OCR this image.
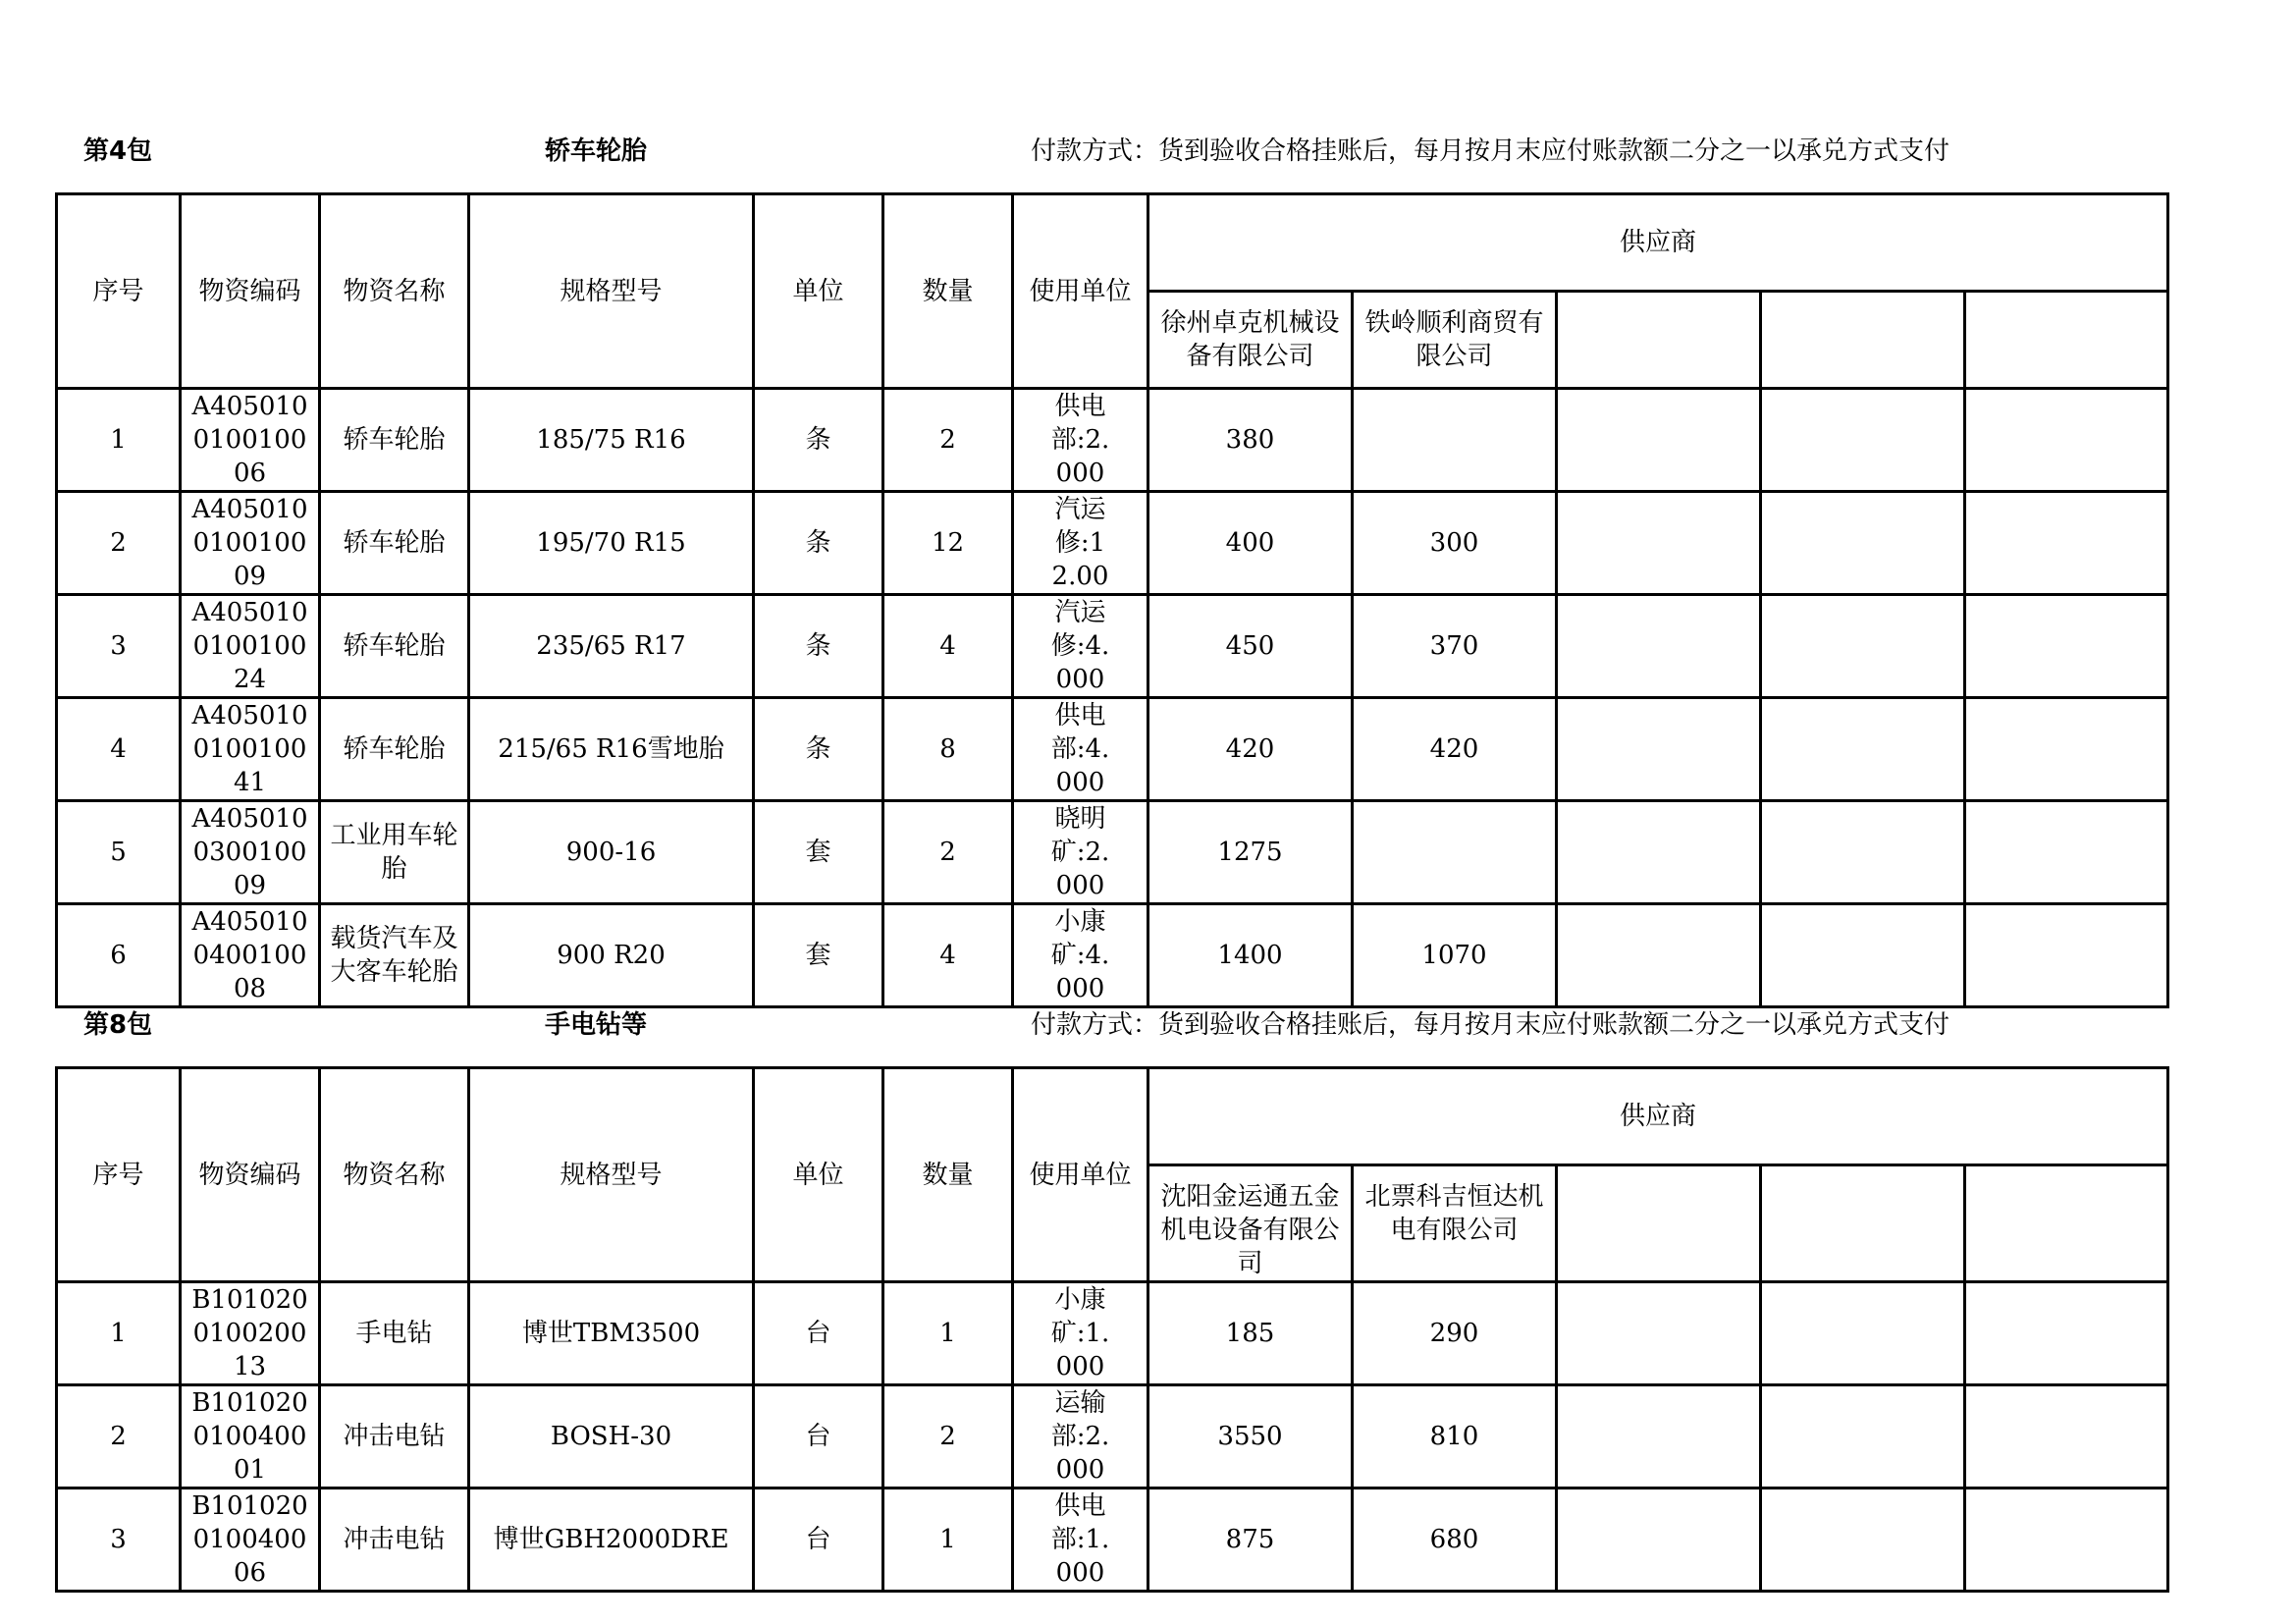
第4包	轿车轮胎	付款方式：货到验收合格挂账后，每月按月末应付账款额二分之一以承兑方式支付
序号	物资编码	物资名称	规格型号	单位	数量	使用单位	供应商				
							徐州卓克机械设备有限公司	铁岭顺利商贸有限公司			
1	A405010010010006	轿车轮胎	185/75 R16	条	2	供电部:2.000	380				
2	A405010010010009	轿车轮胎	195/70 R15	条	12	汽运修:12.00	400	300			
3	A405010010010024	轿车轮胎	235/65 R17	条	4	汽运修:4.000	450	370			
4	A405010010010041	轿车轮胎	215/65 R16雪地胎	条	8	供电部:4.000	420	420			
5	A405010030010009	工业用车轮胎	900-16	套	2	晓明矿:2.000	1275				
6	A405010040010008	载货汽车及大客车轮胎	900 R20	套	4	小康矿:4.000	1400	1070			
第8包	手电钻等	付款方式：货到验收合格挂账后，每月按月末应付账款额二分之一以承兑方式支付
序号	物资编码	物资名称	规格型号	单位	数量	使用单位	供应商				
							沈阳金运通五金机电设备有限公司	北票科吉恒达机电有限公司			
1	B101020010020013	手电钻	博世TBM3500	台	1	小康矿:1.000	185	290			
2	B101020010040001	冲击电钻	BOSH-30	台	2	运输部:2.000	3550	810			
3	B101020010040006	冲击电钻	博世GBH2000DRE	台	1	供电部:1.000	875	680			
